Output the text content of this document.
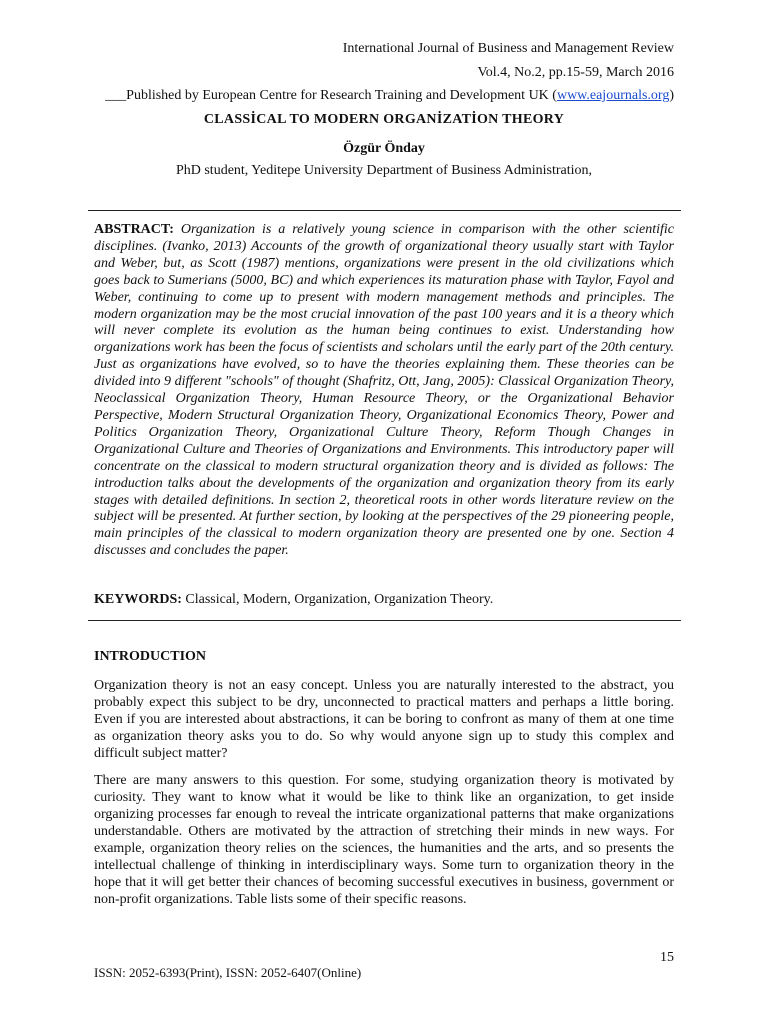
International Journal of Business and Management Review
Vol.4, No.2, pp.15-59, March 2016
___Published by European Centre for Research Training and Development UK (www.eajournals.org)
CLASSİCAL TO MODERN ORGANİZATİON THEORY
Özgür Önday
PhD student, Yeditepe University Department of Business Administration,
ABSTRACT: Organization is a relatively young science in comparison with the other scientific disciplines. (Ivanko, 2013) Accounts of the growth of organizational theory usually start with Taylor and Weber, but, as Scott (1987) mentions, organizations were present in the old civilizations which goes back to Sumerians (5000, BC) and which experiences its maturation phase with Taylor, Fayol and Weber, continuing to come up to present with modern management methods and principles. The modern organization may be the most crucial innovation of the past 100 years and it is a theory which will never complete its evolution as the human being continues to exist. Understanding how organizations work has been the focus of scientists and scholars until the early part of the 20th century. Just as organizations have evolved, so to have the theories explaining them. These theories can be divided into 9 different "schools" of thought (Shafritz, Ott, Jang, 2005): Classical Organization Theory, Neoclassical Organization Theory, Human Resource Theory, or the Organizational Behavior Perspective, Modern Structural Organization Theory, Organizational Economics Theory, Power and Politics Organization Theory, Organizational Culture Theory, Reform Though Changes in Organizational Culture and Theories of Organizations and Environments. This introductory paper will concentrate on the classical to modern structural organization theory and is divided as follows: The introduction talks about the developments of the organization and organization theory from its early stages with detailed definitions. In section 2, theoretical roots in other words literature review on the subject will be presented. At further section, by looking at the perspectives of the 29 pioneering people, main principles of the classical to modern organization theory are presented one by one. Section 4 discusses and concludes the paper.
KEYWORDS: Classical, Modern, Organization, Organization Theory.
INTRODUCTION
Organization theory is not an easy concept. Unless you are naturally interested to the abstract, you probably expect this subject to be dry, unconnected to practical matters and perhaps a little boring. Even if you are interested about abstractions, it can be boring to confront as many of them at one time as organization theory asks you to do. So why would anyone sign up to study this complex and difficult subject matter?
There are many answers to this question. For some, studying organization theory is motivated by curiosity. They want to know what it would be like to think like an organization, to get inside organizing processes far enough to reveal the intricate organizational patterns that make organizations understandable. Others are motivated by the attraction of stretching their minds in new ways. For example, organization theory relies on the sciences, the humanities and the arts, and so presents the intellectual challenge of thinking in interdisciplinary ways. Some turn to organization theory in the hope that it will get better their chances of becoming successful executives in business, government or non-profit organizations. Table lists some of their specific reasons.
15
ISSN: 2052-6393(Print), ISSN: 2052-6407(Online)
